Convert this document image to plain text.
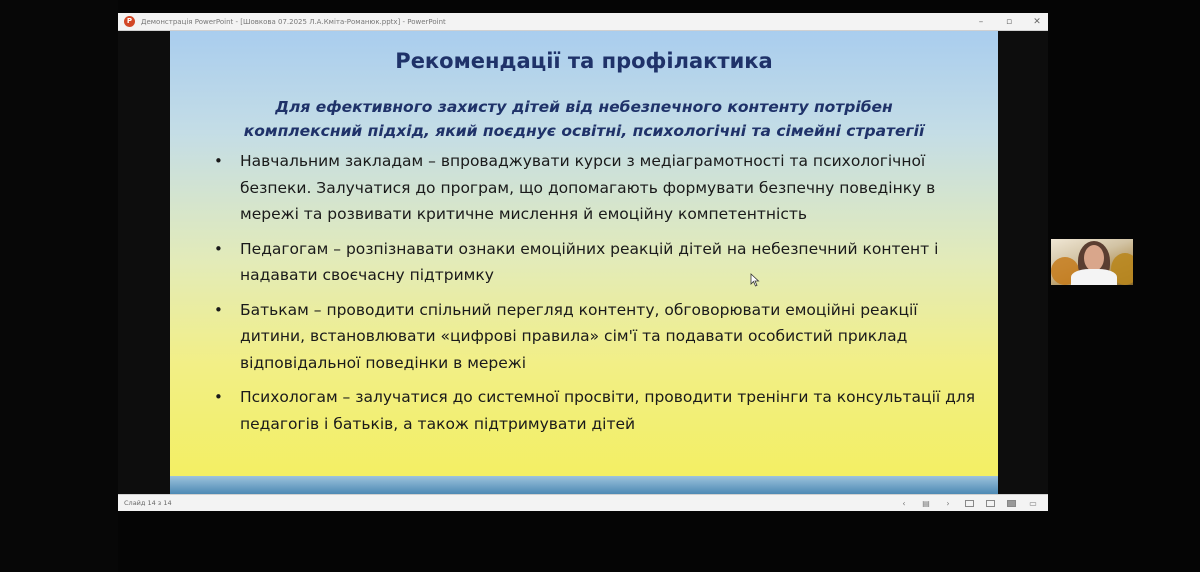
P	Демонстрація PowerPoint - [Шовкова 07.2025 Л.А.Кміта-Романюк.pptx] - PowerPoint	–	▫ ✕
Рекомендації та профілактика
Для ефективного захисту дітей від небезпечного контенту потрібен комплексний підхід, який поєднує освітні, психологічні та сімейні стратегії
• Навчальним закладам – впроваджувати курси з медіаграмотності та психологічної безпеки. Залучатися до програм, що допомагають формувати безпечну поведінку в мережі та розвивати критичне мислення й емоційну компетентність
• Педагогам – розпізнавати ознаки емоційних реакцій дітей на небезпечний контент і надавати своєчасну підтримку
• Батькам – проводити спільний перегляд контенту, обговорювати емоційні реакції дитини, встановлювати «цифрові правила» сім'ї та подавати особистий приклад відповідальної поведінки в мережі
• Психологам – залучатися до системної просвіти, проводити тренінги та консультації для педагогів і батьків, а також підтримувати дітей
Слайд 14 з 14	‹	▤	›	▭
